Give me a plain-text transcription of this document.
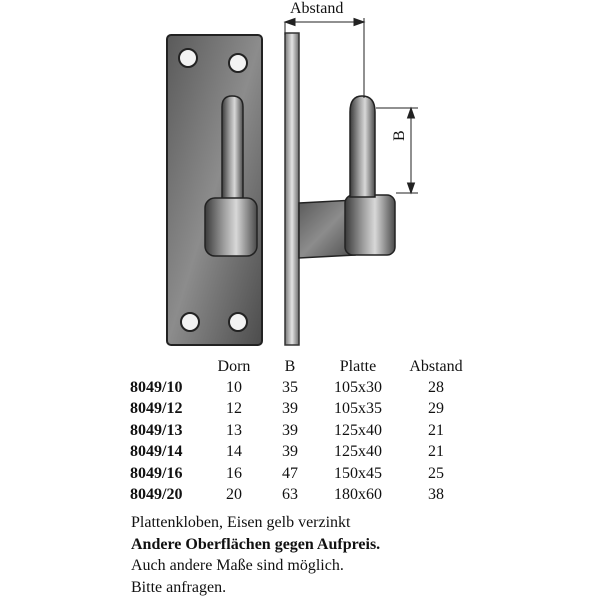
Abstand
B
	Dorn	B	Platte	Abstand
8049/10	10	35	105x30	28
8049/12	12	39	105x35	29
8049/13	13	39	125x40	21
8049/14	14	39	125x40	21
8049/16	16	47	150x45	25
8049/20	20	63	180x60	38
Plattenkloben, Eisen gelb verzinkt
Andere Oberflächen gegen Aufpreis.
Auch andere Maße sind möglich.
Bitte anfragen.
